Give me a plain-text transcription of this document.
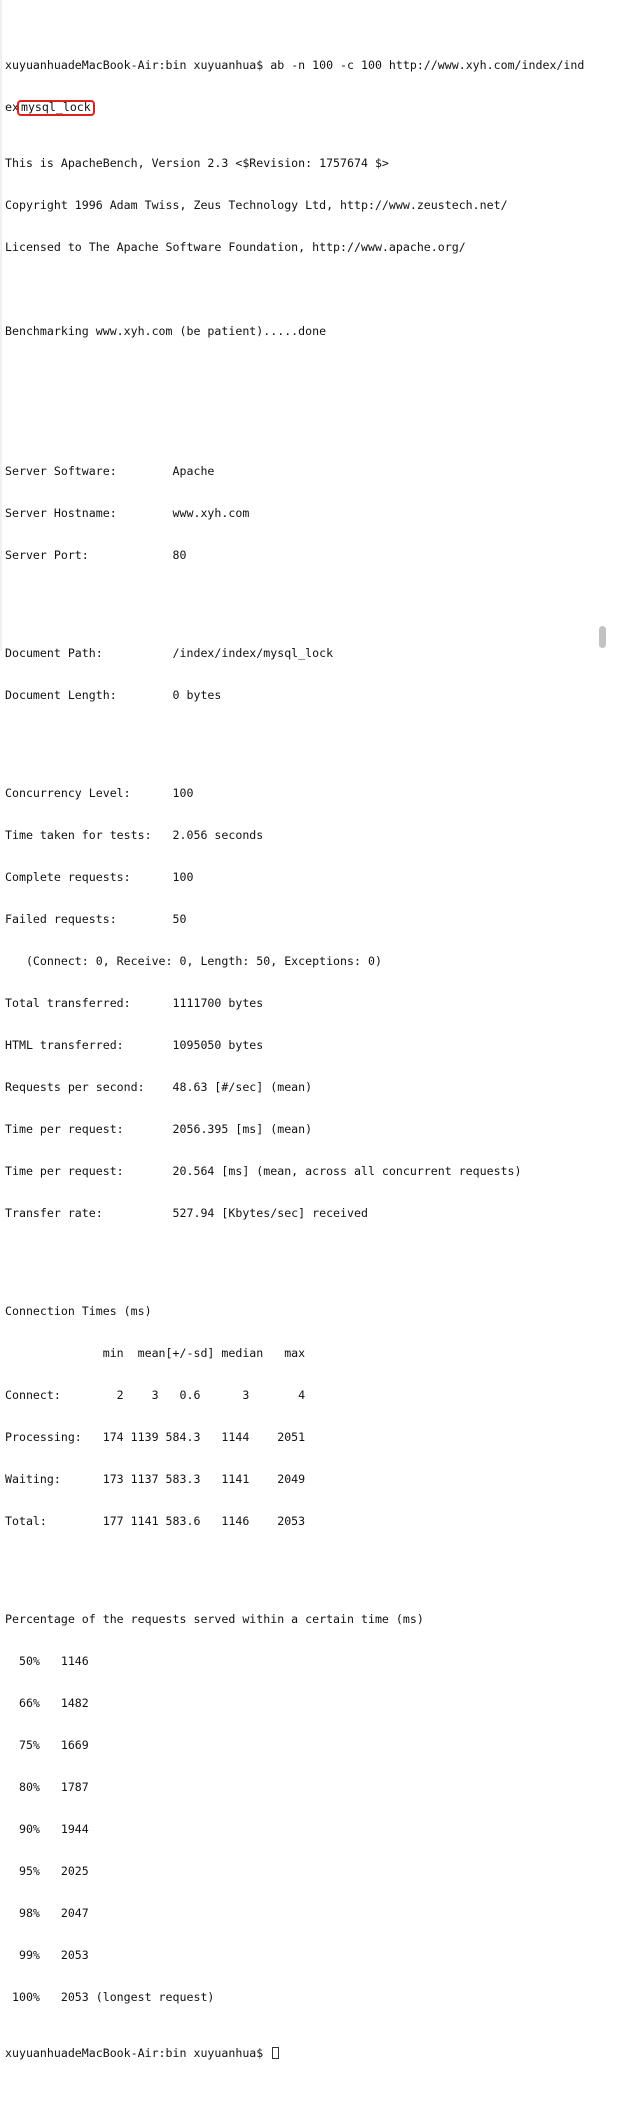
xuyuanhuadeMacBook-Air:bin xuyuanhua$ ab -n 100 -c 100 http://www.xyh.com/index/ind

ex mysql_lock

This is ApacheBench, Version 2.3 <$Revision: 1757674 $>

Copyright 1996 Adam Twiss, Zeus Technology Ltd, http://www.zeustech.net/

Licensed to The Apache Software Foundation, http://www.apache.org/

Benchmarking www.xyh.com (be patient).....done

Server Software:        Apache

Server Hostname:        www.xyh.com

Server Port:            80

Document Path:          /index/index/mysql_lock

Document Length:        0 bytes

Concurrency Level:      100

Time taken for tests:   2.056 seconds

Complete requests:      100

Failed requests:        50

(Connect: 0, Receive: 0, Length: 50, Exceptions: 0)

Total transferred:      1111700 bytes

HTML transferred:       1095050 bytes

Requests per second:    48.63 [#/sec] (mean)

Time per request:       2056.395 [ms] (mean)

Time per request:       20.564 [ms] (mean, across all concurrent requests)

Transfer rate:          527.94 [Kbytes/sec] received

Connection Times (ms)

min  mean[+/-sd] median   max

Connect:        2    3   0.6      3       4

Processing:   174 1139 584.3   1144    2051

Waiting:      173 1137 583.3   1141    2049

Total:        177 1141 583.6   1146    2053

Percentage of the requests served within a certain time (ms)

50%   1146

66%   1482

75%   1669

80%   1787

90%   1944

95%   2025

98%   2047

99%   2053

100%   2053 (longest request)

xuyuanhuadeMacBook-Air:bin xuyuanhua$
